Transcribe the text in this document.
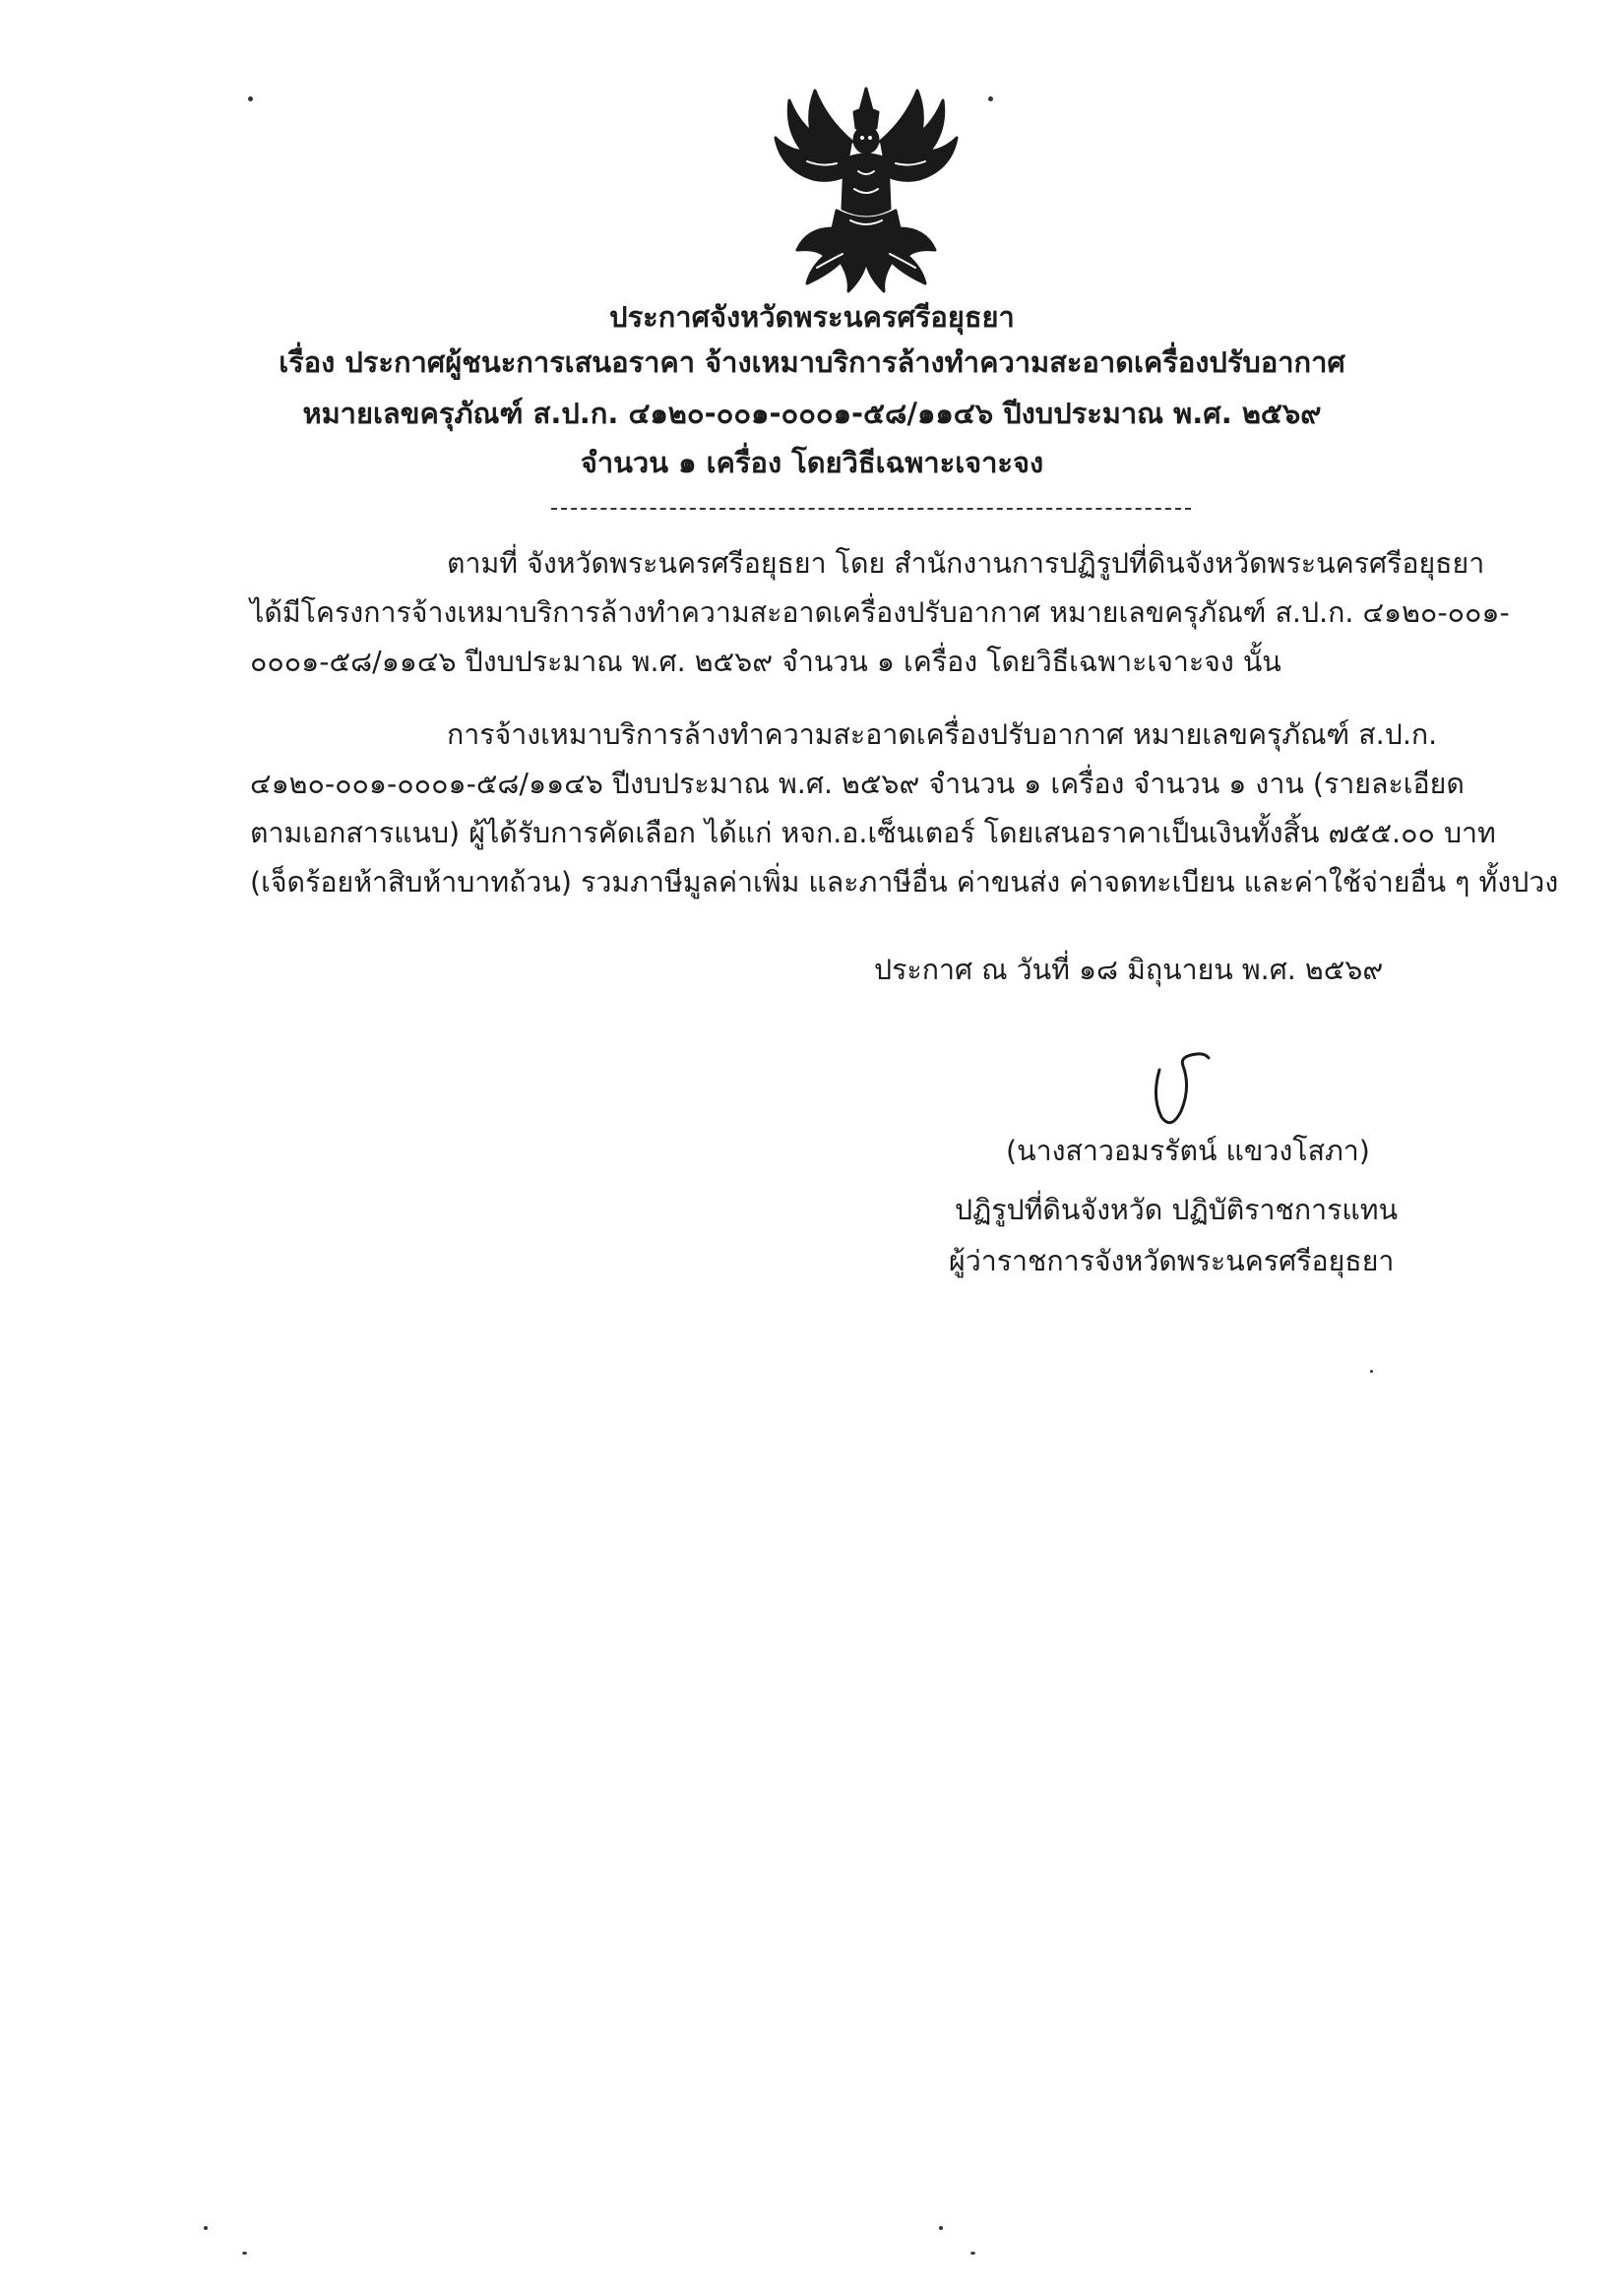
ประกาศจังหวัดพระนครศรีอยุธยา
เรื่อง ประกาศผู้ชนะการเสนอราคา จ้างเหมาบริการล้างทำความสะอาดเครื่องปรับอากาศ
หมายเลขครุภัณฑ์ ส.ป.ก. ๔๑๒๐-๐๐๑-๐๐๐๑-๕๘/๑๑๔๖ ปีงบประมาณ พ.ศ. ๒๕๖๙
จำนวน ๑ เครื่อง โดยวิธีเฉพาะเจาะจง
ตามที่ จังหวัดพระนครศรีอยุธยา โดย สำนักงานการปฏิรูปที่ดินจังหวัดพระนครศรีอยุธยา
ได้มีโครงการจ้างเหมาบริการล้างทำความสะอาดเครื่องปรับอากาศ หมายเลขครุภัณฑ์ ส.ป.ก. ๔๑๒๐-๐๐๑-
๐๐๐๑-๕๘/๑๑๔๖ ปีงบประมาณ พ.ศ. ๒๕๖๙ จำนวน ๑ เครื่อง โดยวิธีเฉพาะเจาะจง นั้น
การจ้างเหมาบริการล้างทำความสะอาดเครื่องปรับอากาศ หมายเลขครุภัณฑ์ ส.ป.ก.
๔๑๒๐-๐๐๑-๐๐๐๑-๕๘/๑๑๔๖ ปีงบประมาณ พ.ศ. ๒๕๖๙ จำนวน ๑ เครื่อง จำนวน ๑ งาน (รายละเอียด
ตามเอกสารแนบ) ผู้ได้รับการคัดเลือก ได้แก่ หจก.อ.เซ็นเตอร์ โดยเสนอราคาเป็นเงินทั้งสิ้น ๗๕๕.๐๐ บาท
(เจ็ดร้อยห้าสิบห้าบาทถ้วน) รวมภาษีมูลค่าเพิ่ม และภาษีอื่น ค่าขนส่ง ค่าจดทะเบียน และค่าใช้จ่ายอื่น ๆ ทั้งปวง
ประกาศ ณ วันที่ ๑๘ มิถุนายน พ.ศ. ๒๕๖๙
(นางสาวอมรรัตน์ แขวงโสภา)
ปฏิรูปที่ดินจังหวัด ปฏิบัติราชการแทน
ผู้ว่าราชการจังหวัดพระนครศรีอยุธยา
